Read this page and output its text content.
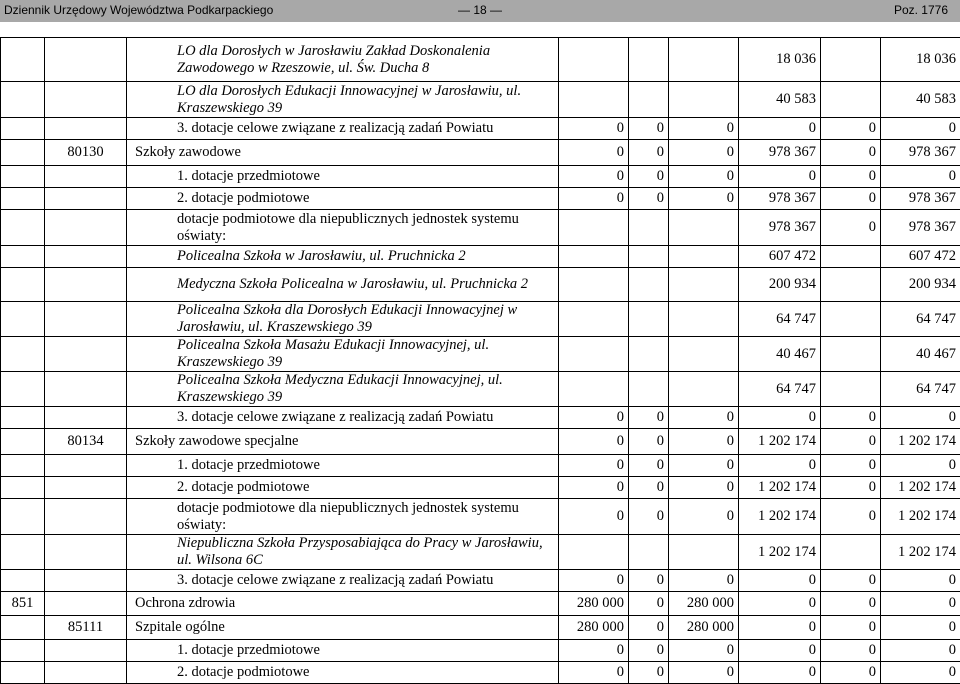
— 18 —
Dziennik Urzędowy Województwa Podkarpackiego	Poz. 1776
		LO dla Dorosłych w Jarosławiu Zakład Doskonalenia Zawodowego w Rzeszowie, ul. Św. Ducha 8				18 036		18 036
		LO dla Dorosłych Edukacji Innowacyjnej w Jarosławiu, ul. Kraszewskiego 39				40 583		40 583
		3. dotacje celowe związane z realizacją zadań Powiatu	0	0	0	0	0	0
	80130	Szkoły zawodowe	0	0	0	978 367	0	978 367
		1. dotacje przedmiotowe	0	0	0	0	0	0
		2. dotacje podmiotowe	0	0	0	978 367	0	978 367
		dotacje podmiotowe dla niepublicznych jednostek systemu oświaty:				978 367	0	978 367
		Policealna Szkoła w Jarosławiu, ul. Pruchnicka 2				607 472		607 472
		Medyczna Szkoła Policealna w Jarosławiu, ul. Pruchnicka 2				200 934		200 934
		Policealna Szkoła dla Dorosłych Edukacji Innowacyjnej w Jarosławiu, ul. Kraszewskiego 39				64 747		64 747
		Policealna Szkoła Masażu Edukacji Innowacyjnej, ul. Kraszewskiego 39				40 467		40 467
		Policealna Szkoła Medyczna Edukacji Innowacyjnej, ul. Kraszewskiego 39				64 747		64 747
		3. dotacje celowe związane z realizacją zadań Powiatu	0	0	0	0	0	0
	80134	Szkoły zawodowe specjalne	0	0	0	1 202 174	0	1 202 174
		1. dotacje przedmiotowe	0	0	0	0	0	0
		2. dotacje podmiotowe	0	0	0	1 202 174	0	1 202 174
		dotacje podmiotowe dla niepublicznych jednostek systemu oświaty:	0	0	0	1 202 174	0	1 202 174
		Niepubliczna Szkoła Przysposabiająca do Pracy w Jarosławiu, ul. Wilsona 6C				1 202 174		1 202 174
		3. dotacje celowe związane z realizacją zadań Powiatu	0	0	0	0	0	0
851		Ochrona zdrowia	280 000	0	280 000	0	0	0
	85111	Szpitale ogólne	280 000	0	280 000	0	0	0
		1. dotacje przedmiotowe	0	0	0	0	0	0
		2. dotacje podmiotowe	0	0	0	0	0	0
